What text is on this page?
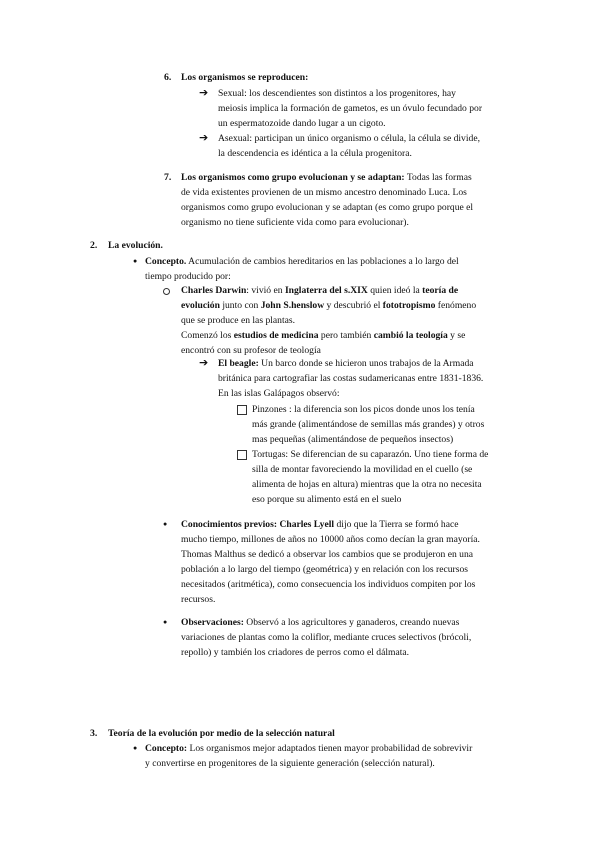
6. Los organismos se reproducen:
➔ Sexual: los descendientes son distintos a los progenitores, hay
meiosis implica la formación de gametos, es un óvulo fecundado por
un espermatozoide dando lugar a un cigoto.
➔ Asexual: participan un único organismo o célula, la célula se divide,
la descendencia es idéntica a la célula progenitora.
7. Los organismos como grupo evolucionan y se adaptan: Todas las formas
de vida existentes provienen de un mismo ancestro denominado Luca. Los
organismos como grupo evolucionan y se adaptan (es como grupo porque el
organismo no tiene suficiente vida como para evolucionar).
2. La evolución.
● Concepto. Acumulación de cambios hereditarios en las poblaciones a lo largo del
tiempo producido por:
Charles Darwin: vivió en Inglaterra del s.XIX quien ideó la teoría de
evolución junto con John S.henslow y descubrió el fototropismo fenómeno
que se produce en las plantas.
Comenzó los estudios de medicina pero también cambió la teología y se
encontró con su profesor de teología
➔ El beagle: Un barco donde se hicieron unos trabajos de la Armada
británica para cartografiar las costas sudamericanas entre 1831-1836.
En las islas Galápagos observó:
Pinzones : la diferencia son los picos donde unos los tenía
más grande (alimentándose de semillas más grandes) y otros
mas pequeñas (alimentándose de pequeños insectos)
Tortugas: Se diferencian de su caparazón. Uno tiene forma de
silla de montar favoreciendo la movilidad en el cuello (se
alimenta de hojas en altura) mientras que la otra no necesita
eso porque su alimento está en el suelo
● Conocimientos previos: Charles Lyell dijo que la Tierra se formó hace
mucho tiempo, millones de años no 10000 años como decían la gran mayoría.
Thomas Malthus se dedicó a observar los cambios que se produjeron en una
población a lo largo del tiempo (geométrica) y en relación con los recursos
necesitados (aritmética), como consecuencia los individuos compiten por los
recursos.
● Observaciones: Observó a los agricultores y ganaderos, creando nuevas
variaciones de plantas como la coliflor, mediante cruces selectivos (brócoli,
repollo) y también los criadores de perros como el dálmata.
3. Teoría de la evolución por medio de la selección natural
● Concepto: Los organismos mejor adaptados tienen mayor probabilidad de sobrevivir
y convertirse en progenitores de la siguiente generación (selección natural).
